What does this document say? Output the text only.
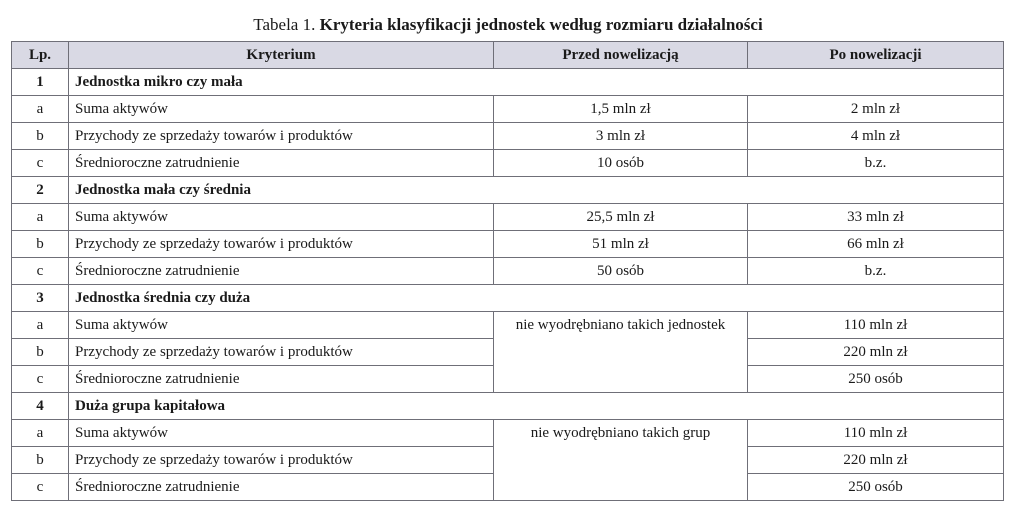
Tabela 1. Kryteria klasyfikacji jednostek według rozmiaru działalności
Lp.	Kryterium	Przed nowelizacją	Po nowelizacji
1	Jednostka mikro czy mała		
a	Suma aktywów	1,5 mln zł	2 mln zł
b	Przychody ze sprzedaży towarów i produktów	3 mln zł	4 mln zł
c	Średnioroczne zatrudnienie	10 osób	b.z.
2	Jednostka mała czy średnia		
a	Suma aktywów	25,5 mln zł	33 mln zł
b	Przychody ze sprzedaży towarów i produktów	51 mln zł	66 mln zł
c	Średnioroczne zatrudnienie	50 osób	b.z.
3	Jednostka średnia czy duża		
a	Suma aktywów	nie wyodrębniano takich jednostek	110 mln zł
b	Przychody ze sprzedaży towarów i produktów		220 mln zł
c	Średnioroczne zatrudnienie		250 osób
4	Duża grupa kapitałowa		
a	Suma aktywów	nie wyodrębniano takich grup	110 mln zł
b	Przychody ze sprzedaży towarów i produktów		220 mln zł
c	Średnioroczne zatrudnienie		250 osób
